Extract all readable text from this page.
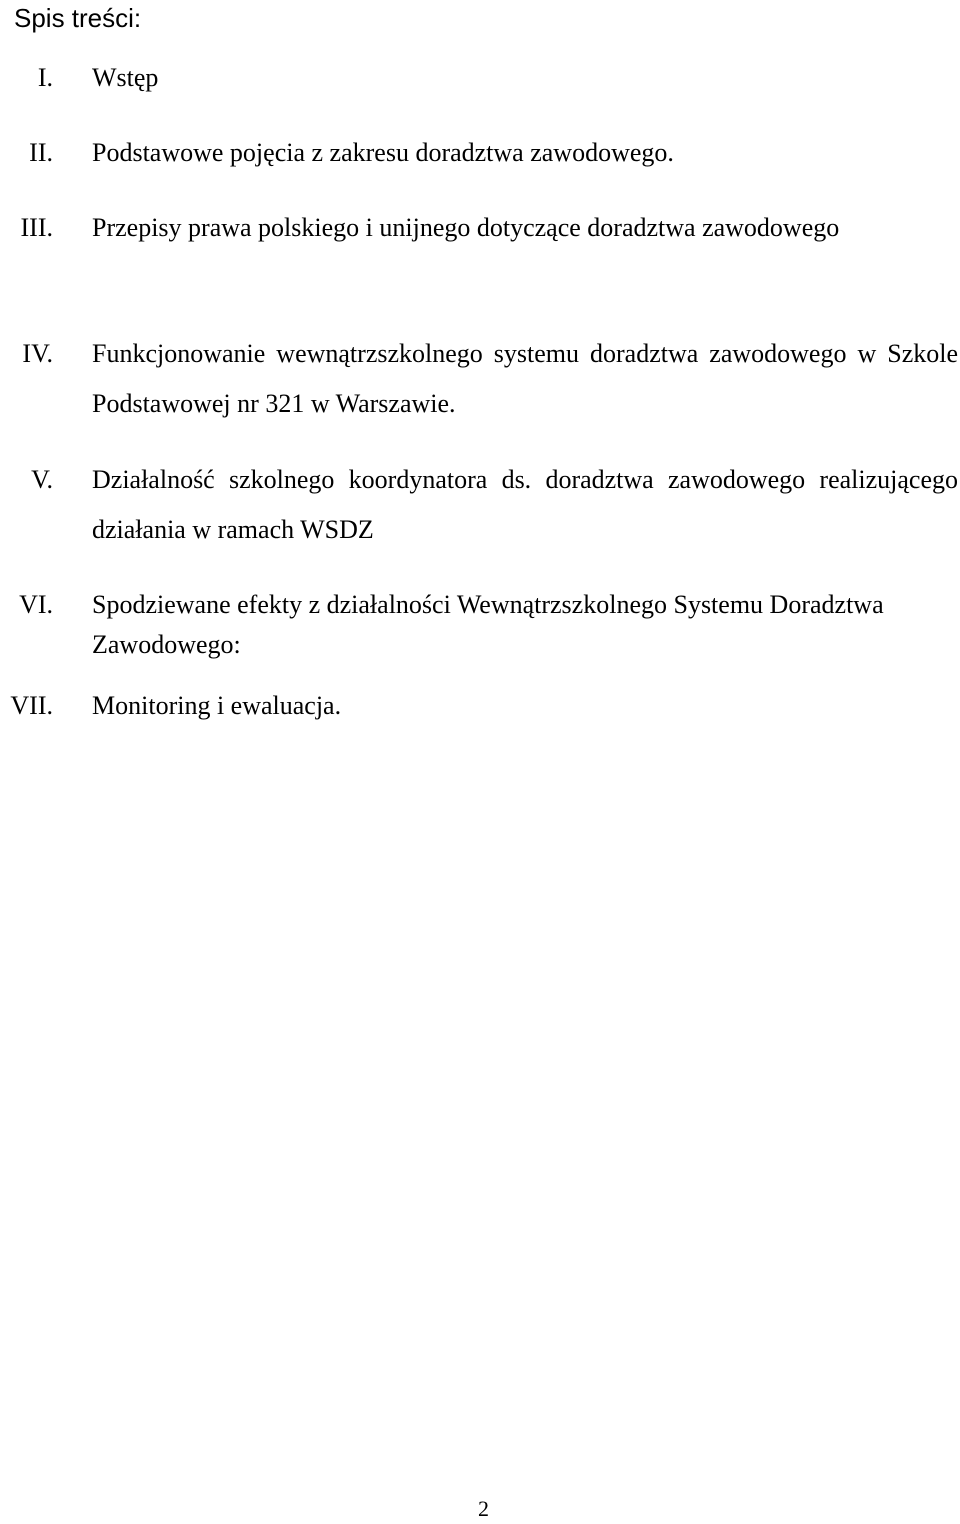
Spis treści:
I. Wstęp
II. Podstawowe pojęcia z zakresu doradztwa zawodowego.
III. Przepisy prawa polskiego i unijnego dotyczące doradztwa zawodowego
IV. Funkcjonowanie wewnątrzszkolnego systemu doradztwa zawodowego w Szkole Podstawowej nr 321 w Warszawie.
V. Działalność szkolnego koordynatora ds. doradztwa zawodowego realizującego działania w ramach WSDZ
VI. Spodziewane efekty z działalności Wewnątrzszkolnego Systemu Doradztwa Zawodowego:
VII. Monitoring i ewaluacja.
2
